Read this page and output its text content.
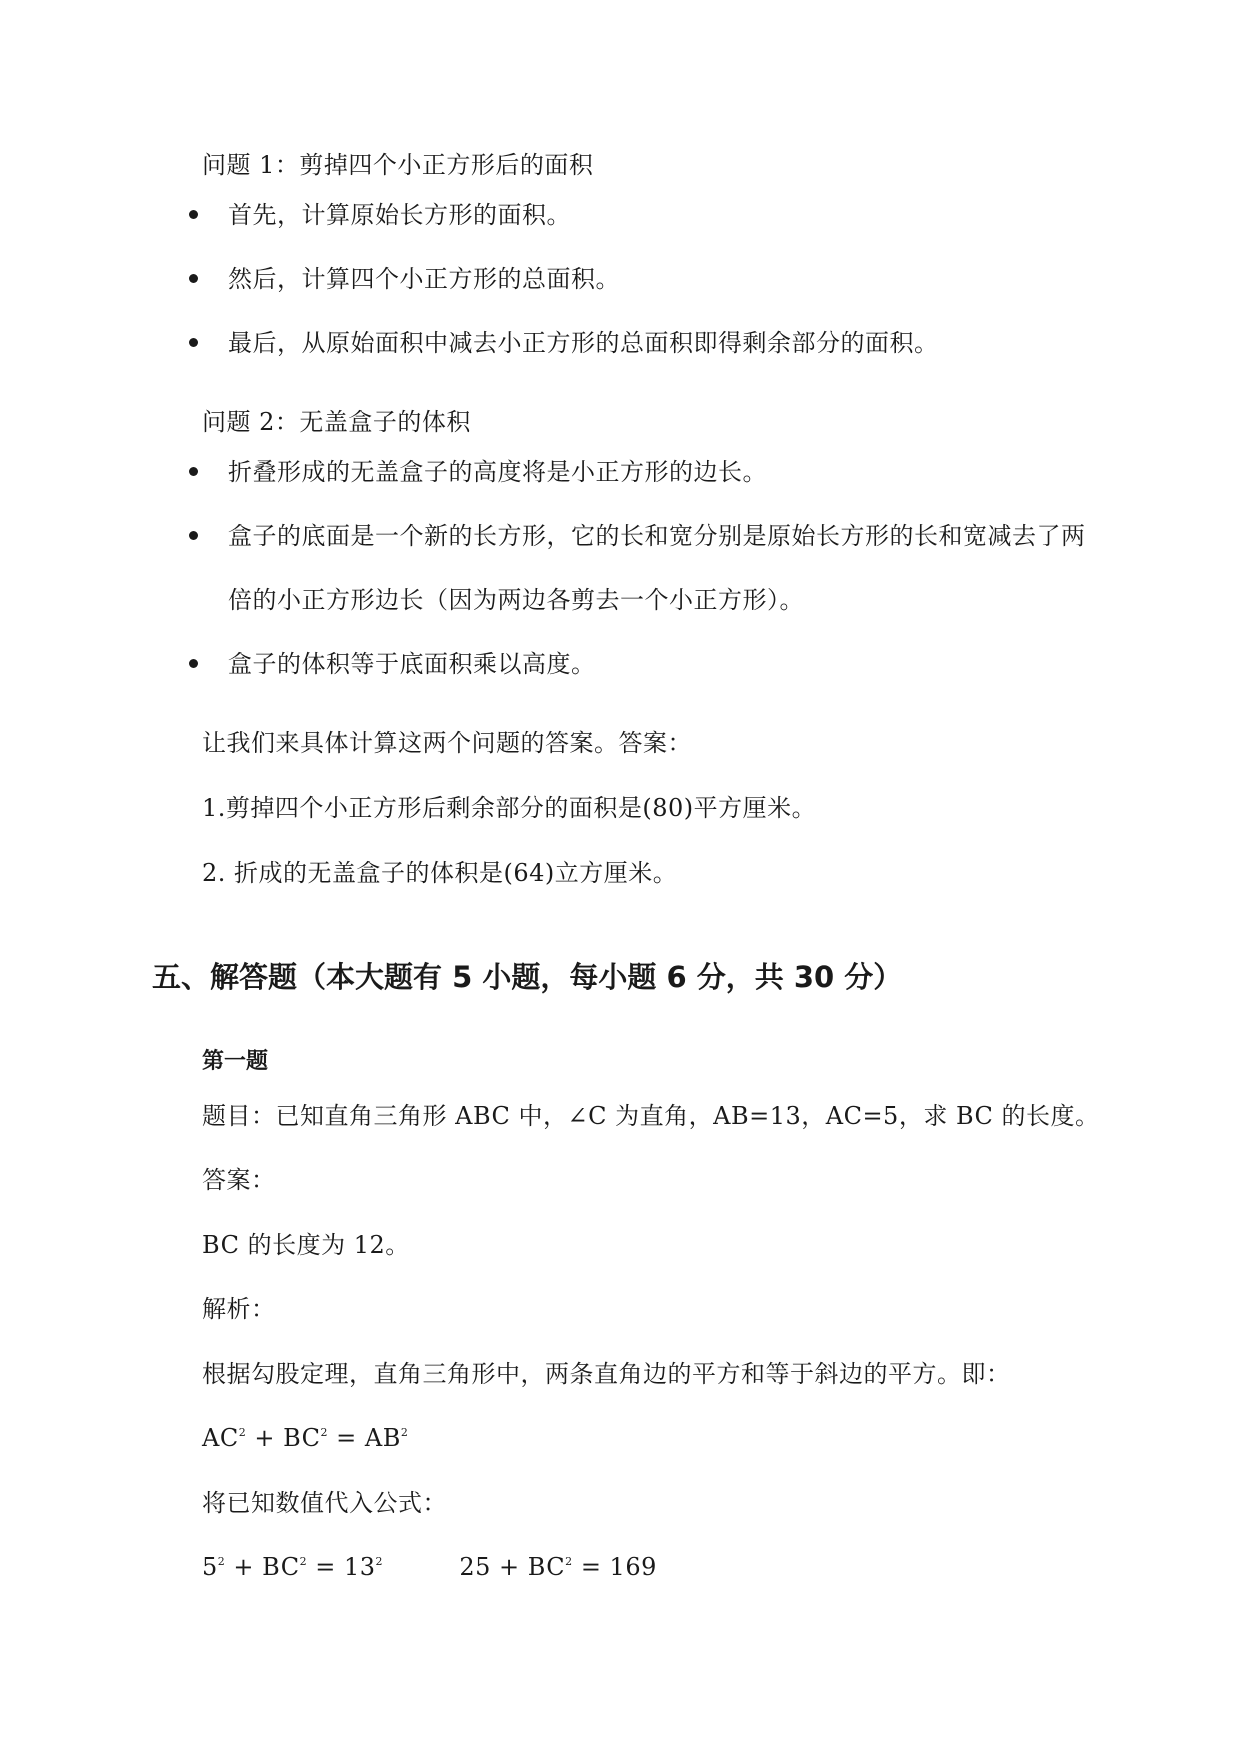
问题 1：剪掉四个小正方形后的面积
首先，计算原始长方形的面积。
然后，计算四个小正方形的总面积。
最后，从原始面积中减去小正方形的总面积即得剩余部分的面积。
问题 2：无盖盒子的体积
折叠形成的无盖盒子的高度将是小正方形的边长。
盒子的底面是一个新的长方形，它的长和宽分别是原始长方形的长和宽减去了两
倍的小正方形边长（因为两边各剪去一个小正方形）。
盒子的体积等于底面积乘以高度。
让我们来具体计算这两个问题的答案。答案：
1.剪掉四个小正方形后剩余部分的面积是(80)平方厘米。
2. 折成的无盖盒子的体积是(64)立方厘米。
五、解答题（本大题有 5 小题，每小题 6 分，共 30 分）
第一题
题目：已知直角三角形 ABC 中，∠C 为直角，AB=13，AC=5，求 BC 的长度。
答案：
BC 的长度为 12。
解析：
根据勾股定理，直角三角形中，两条直角边的平方和等于斜边的平方。即：
$AC^2 + BC^2 = AB^2$
将已知数值代入公式：
$5^2 + BC^2 = 13^2$	$25 + BC^2 = 169$
